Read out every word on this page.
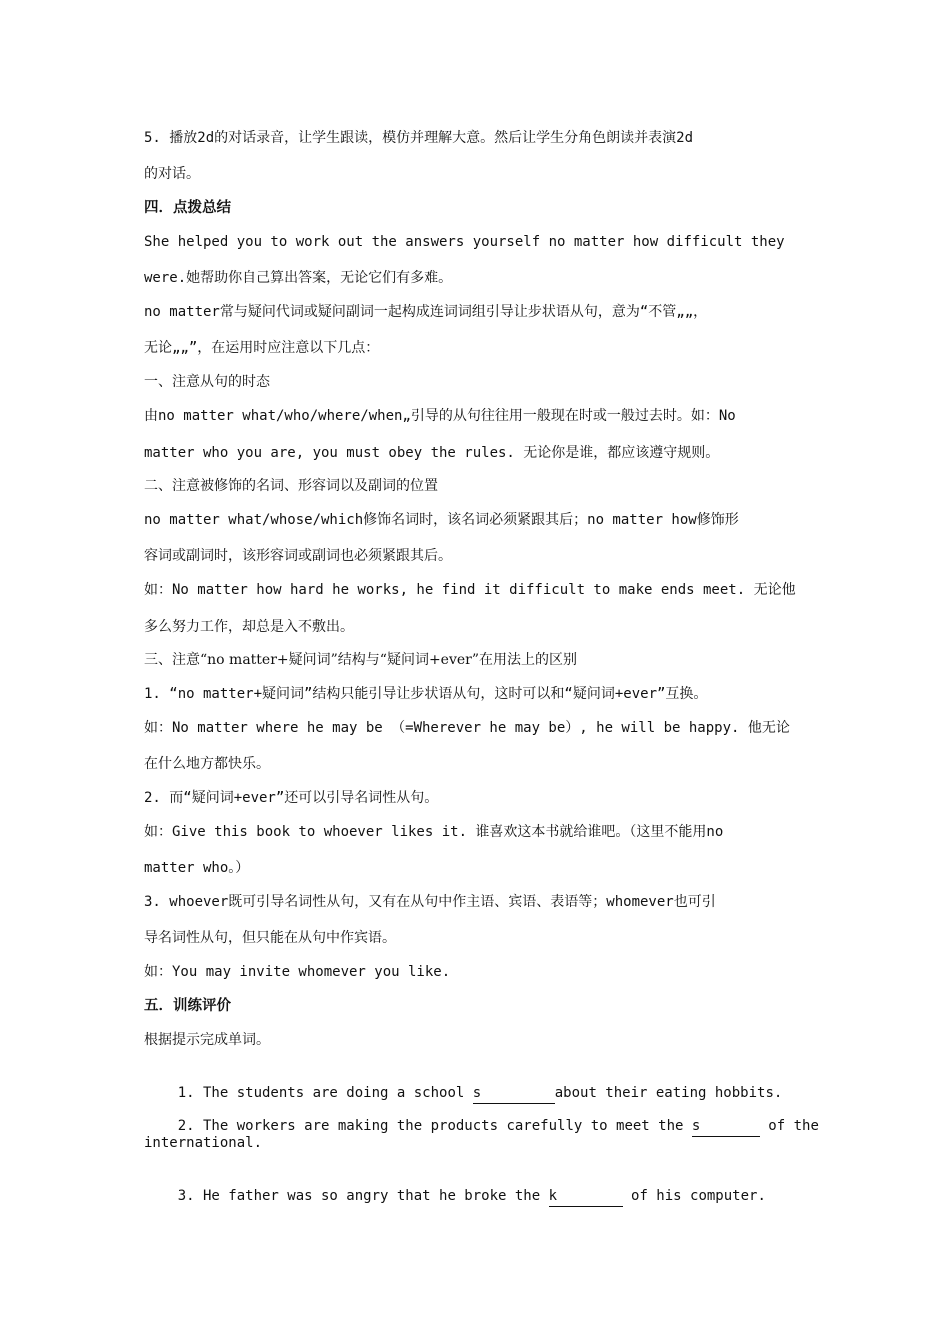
5. 播放2d的对话录音，让学生跟读，模仿并理解大意。然后让学生分角色朗读并表演2d
的对话。
四．点拨总结
She helped you to work out the answers yourself no matter how difficult they
were.她帮助你自己算出答案，无论它们有多难。
no matter常与疑问代词或疑问副词一起构成连词词组引导让步状语从句，意为“不管„„，
无论„„”，在运用时应注意以下几点：
一、注意从句的时态
由no matter what/who/where/when„引导的从句往往用一般现在时或一般过去时。如：No
matter who you are, you must obey the rules. 无论你是谁，都应该遵守规则。
二、注意被修饰的名词、形容词以及副词的位置
no matter what/whose/which修饰名词时，该名词必须紧跟其后；no matter how修饰形
容词或副词时，该形容词或副词也必须紧跟其后。
如：No matter how hard he works, he find it difficult to make ends meet. 无论他
多么努力工作，却总是入不敷出。
三、注意“no matter+疑问词”结构与“疑问词+ever”在用法上的区别
1. “no matter+疑问词”结构只能引导让步状语从句，这时可以和“疑问词+ever”互换。
如：No matter where he may be （=Wherever he may be）, he will be happy. 他无论
在什么地方都快乐。
2. 而“疑问词+ever”还可以引导名词性从句。
如：Give this book to whoever likes it. 谁喜欢这本书就给谁吧。（这里不能用no
matter who。）
3. whoever既可引导名词性从句，又有在从句中作主语、宾语、表语等；whomever也可引
导名词性从句，但只能在从句中作宾语。
如：You may invite whomever you like.
五．训练评价
根据提示完成单词。

1. The students are doing a school s	about their eating hobbits.

2. The workers are making the products carefully to meet the s	of the

international.

3. He father was so angry that he broke the k	of his computer.
